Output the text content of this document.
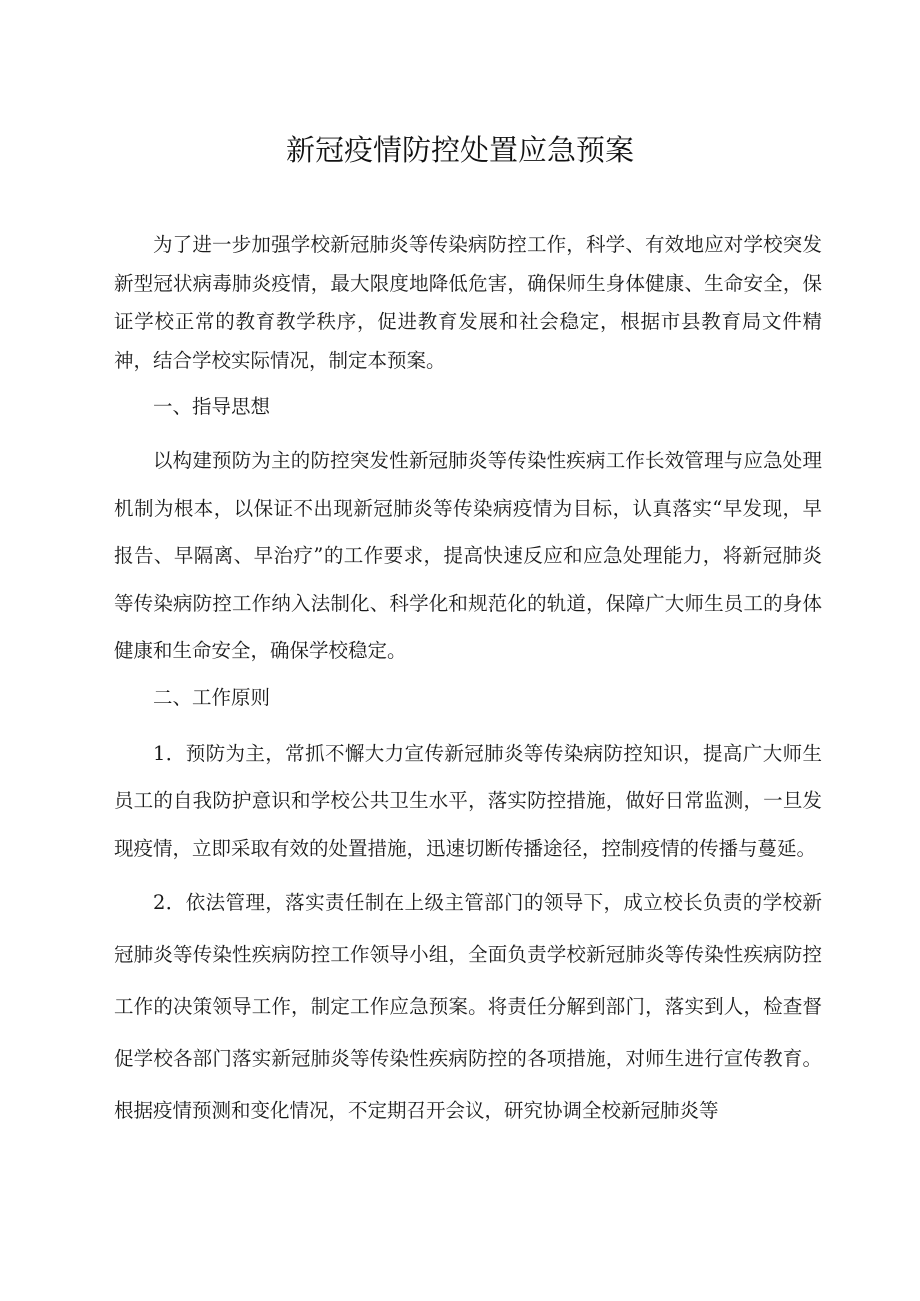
新冠疫情防控处置应急预案

为了进一步加强学校新冠肺炎等传染病防控工作，科学、有效地应对学校突发新型冠状病毒肺炎疫情，最大限度地降低危害，确保师生身体健康、生命安全，保证学校正常的教育教学秩序，促进教育发展和社会稳定，根据市县教育局文件精神，结合学校实际情况，制定本预案。

一、指导思想

以构建预防为主的防控突发性新冠肺炎等传染性疾病工作长效管理与应急处理机制为根本，以保证不出现新冠肺炎等传染病疫情为目标，认真落实“早发现，早报告、早隔离、早治疗”的工作要求，提高快速反应和应急处理能力，将新冠肺炎等传染病防控工作纳入法制化、科学化和规范化的轨道，保障广大师生员工的身体健康和生命安全，确保学校稳定。

二、工作原则

1．预防为主，常抓不懈大力宣传新冠肺炎等传染病防控知识，提高广大师生员工的自我防护意识和学校公共卫生水平，落实防控措施，做好日常监测，一旦发现疫情，立即采取有效的处置措施，迅速切断传播途径，控制疫情的传播与蔓延。

2．依法管理，落实责任制在上级主管部门的领导下，成立校长负责的学校新冠肺炎等传染性疾病防控工作领导小组，全面负责学校新冠肺炎等传染性疾病防控工作的决策领导工作，制定工作应急预案。将责任分解到部门，落实到人，检查督促学校各部门落实新冠肺炎等传染性疾病防控的各项措施，对师生进行宣传教育。根据疫情预测和变化情况，不定期召开会议，研究协调全校新冠肺炎等
